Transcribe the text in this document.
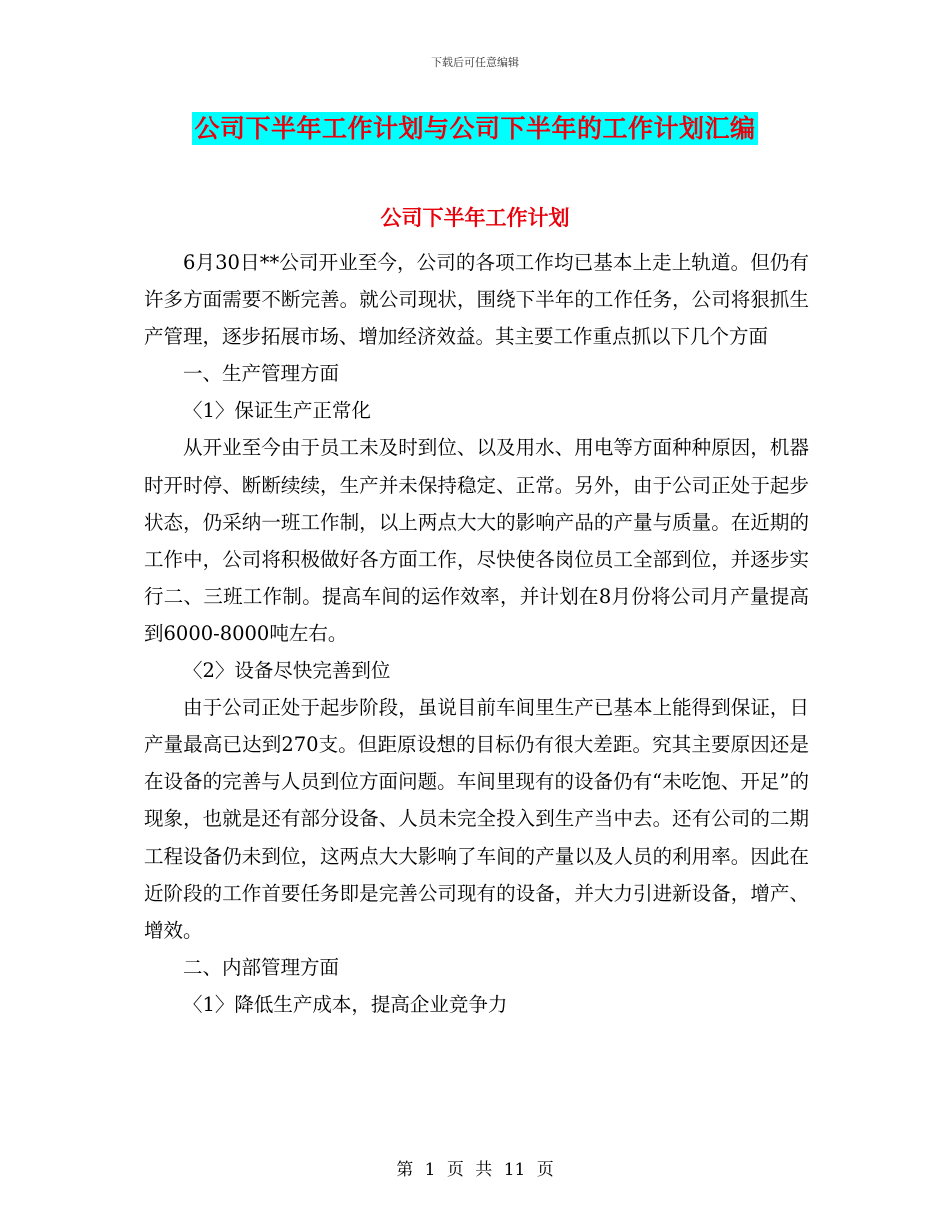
下载后可任意编辑
公司下半年工作计划与公司下半年的工作计划汇编
公司下半年工作计划

6月30日**公司开业至今，公司的各项工作均已基本上走上轨道。但仍有许多方面需要不断完善。就公司现状，围绕下半年的工作任务，公司将狠抓生产管理，逐步拓展市场、增加经济效益。其主要工作重点抓以下几个方面

一、生产管理方面

〈1〉保证生产正常化

从开业至今由于员工未及时到位、以及用水、用电等方面种种原因，机器时开时停、断断续续，生产并未保持稳定、正常。另外，由于公司正处于起步状态，仍采纳一班工作制，以上两点大大的影响产品的产量与质量。在近期的工作中，公司将积极做好各方面工作，尽快使各岗位员工全部到位，并逐步实行二、三班工作制。提高车间的运作效率，并计划在8月份将公司月产量提高到6000-8000吨左右。

〈2〉设备尽快完善到位

由于公司正处于起步阶段，虽说目前车间里生产已基本上能得到保证，日产量最高已达到270支。但距原设想的目标仍有很大差距。究其主要原因还是在设备的完善与人员到位方面问题。车间里现有的设备仍有“未吃饱、开足”的现象，也就是还有部分设备、人员未完全投入到生产当中去。还有公司的二期工程设备仍未到位，这两点大大影响了车间的产量以及人员的利用率。因此在近阶段的工作首要任务即是完善公司现有的设备，并大力引进新设备，增产、增效。

二、内部管理方面

〈1〉降低生产成本，提高企业竞争力

第 1 页 共 11 页
